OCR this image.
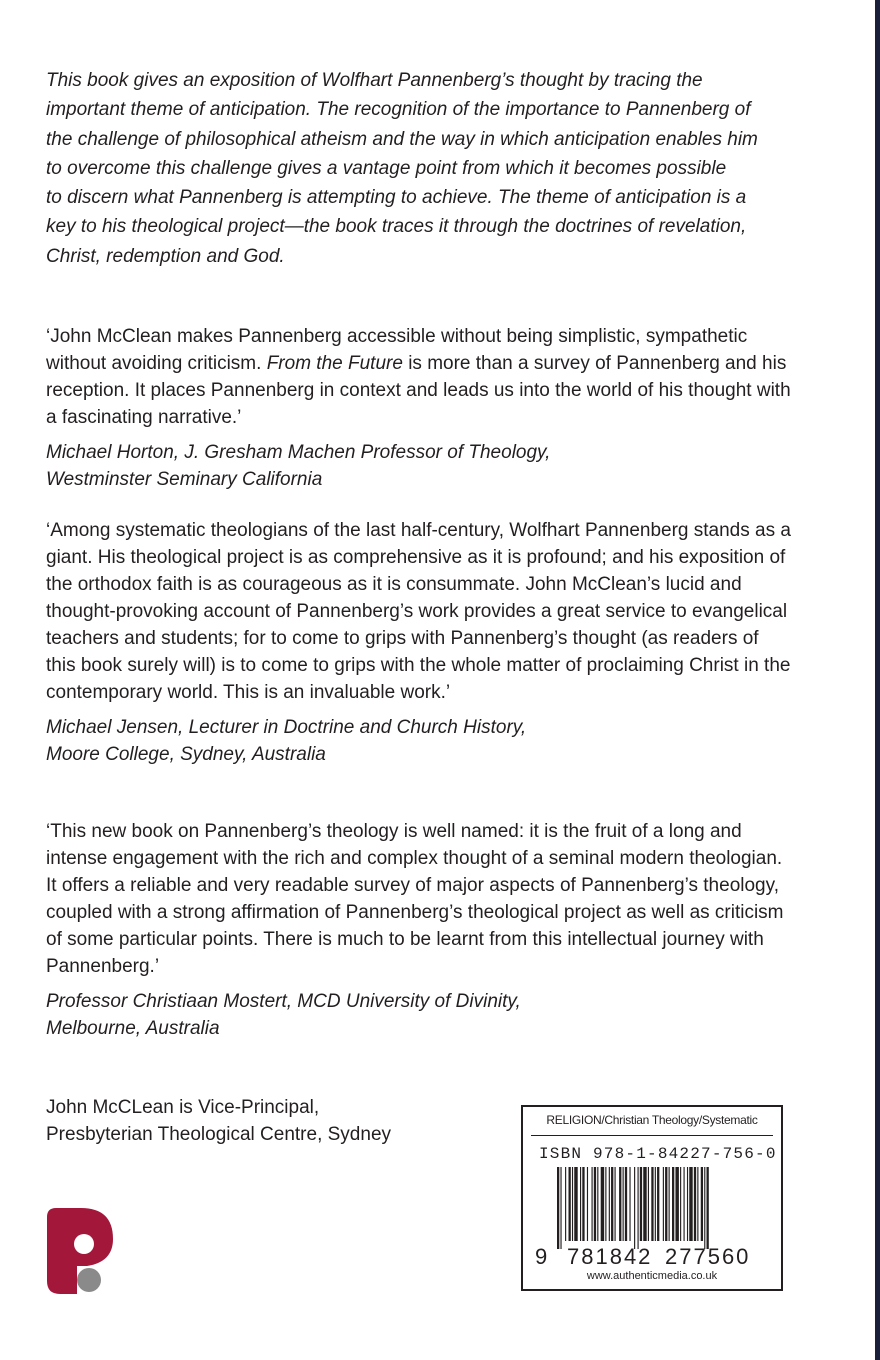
This book gives an exposition of Wolfhart Pannenberg’s thought by tracing the
important theme of anticipation. The recognition of the importance to Pannenberg of
the challenge of philosophical atheism and the way in which anticipation enables him
to overcome this challenge gives a vantage point from which it becomes possible
to discern what Pannenberg is attempting to achieve. The theme of anticipation is a
key to his theological project—the book traces it through the doctrines of revelation,
Christ, redemption and God.

‘John McClean makes Pannenberg accessible without being simplistic, sympathetic without avoiding criticism. From the Future is more than a survey of Pannenberg and his reception. It places Pannenberg in context and leads us into the world of his thought with a fascinating narrative.’

Michael Horton, J. Gresham Machen Professor of Theology,
Westminster Seminary California

‘Among systematic theologians of the last half-century, Wolfhart Pannenberg stands as a giant. His theological project is as comprehensive as it is profound; and his exposition of the orthodox faith is as courageous as it is consummate. John McClean’s lucid and thought-provoking account of Pannenberg’s work provides a great service to evangelical teachers and students; for to come to grips with Pannenberg’s thought (as readers of this book surely will) is to come to grips with the whole matter of proclaiming Christ in the contemporary world. This is an invaluable work.’

Michael Jensen, Lecturer in Doctrine and Church History,
Moore College, Sydney, Australia

‘This new book on Pannenberg’s theology is well named: it is the fruit of a long and intense engagement with the rich and complex thought of a seminal modern theologian. It offers a reliable and very readable survey of major aspects of Pannenberg’s theology, coupled with a strong affirmation of Pannenberg’s theological project as well as criticism of some particular points. There is much to be learnt from this intellectual journey with Pannenberg.’

Professor Christiaan Mostert, MCD University of Divinity,
Melbourne, Australia

John McCLean is Vice-Principal,
Presbyterian Theological Centre, Sydney
RELIGION/Christian Theology/Systematic
ISBN 978-1-84227-756-0
9 781842 277560
www.authenticmedia.co.uk
